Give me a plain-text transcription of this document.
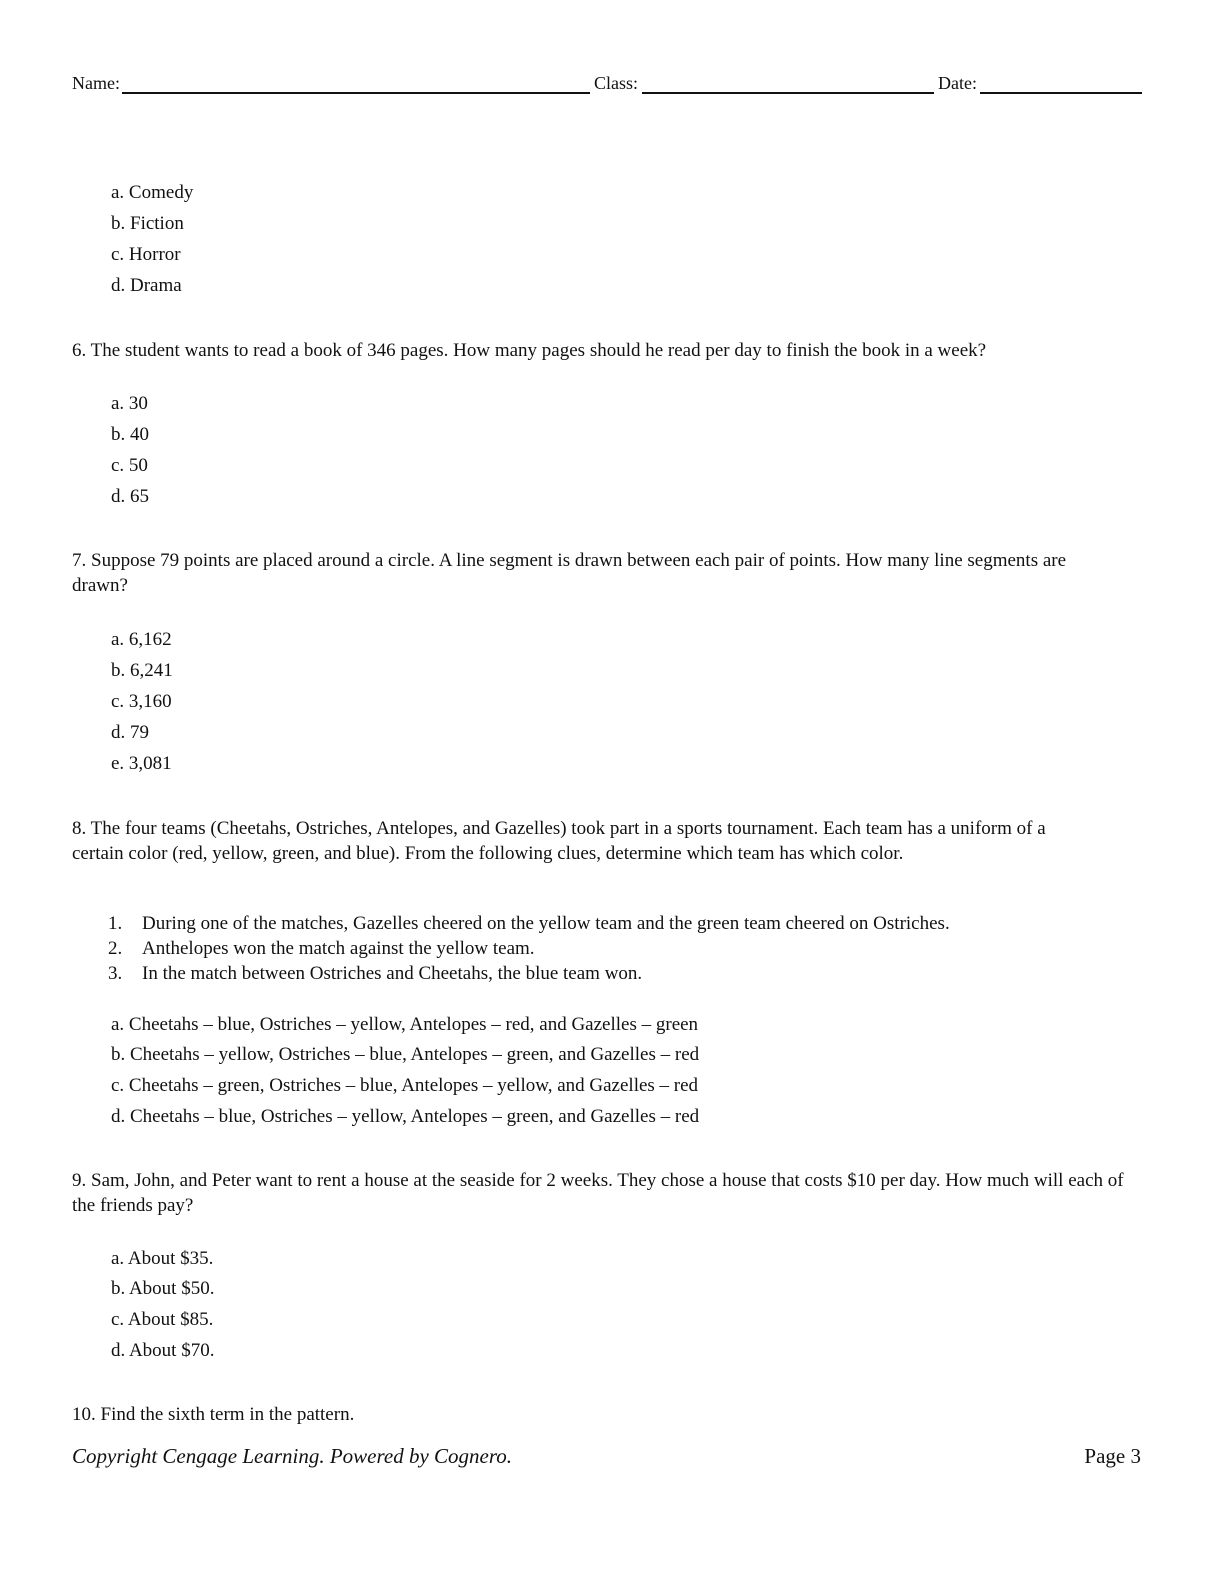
Name:	Class:	Date:
a. Comedy
b. Fiction
c. Horror
d. Drama
6. The student wants to read a book of 346 pages. How many pages should he read per day to finish the book in a week?
a. 30
b. 40
c. 50
d. 65
7. Suppose 79 points are placed around a circle. A line segment is drawn between each pair of points. How many line segments are drawn?
a. 6,162
b. 6,241
c. 3,160
d. 79
e. 3,081
8. The four teams (Cheetahs, Ostriches, Antelopes, and Gazelles) took part in a sports tournament. Each team has a uniform of a certain color (red, yellow, green, and blue). From the following clues, determine which team has which color.
1. During one of the matches, Gazelles cheered on the yellow team and the green team cheered on Ostriches.
2. Anthelopes won the match against the yellow team.
3. In the match between Ostriches and Cheetahs, the blue team won.
a. Cheetahs – blue, Ostriches – yellow, Antelopes – red, and Gazelles – green
b. Cheetahs – yellow, Ostriches – blue, Antelopes – green, and Gazelles – red
c. Cheetahs – green, Ostriches – blue, Antelopes – yellow, and Gazelles – red
d. Cheetahs – blue, Ostriches – yellow, Antelopes – green, and Gazelles – red
9. Sam, John, and Peter want to rent a house at the seaside for 2 weeks. They chose a house that costs $10 per day. How much will each of the friends pay?
a. About $35.
b. About $50.
c. About $85.
d. About $70.
10. Find the sixth term in the pattern.
Copyright Cengage Learning. Powered by Cognero.	Page 3
